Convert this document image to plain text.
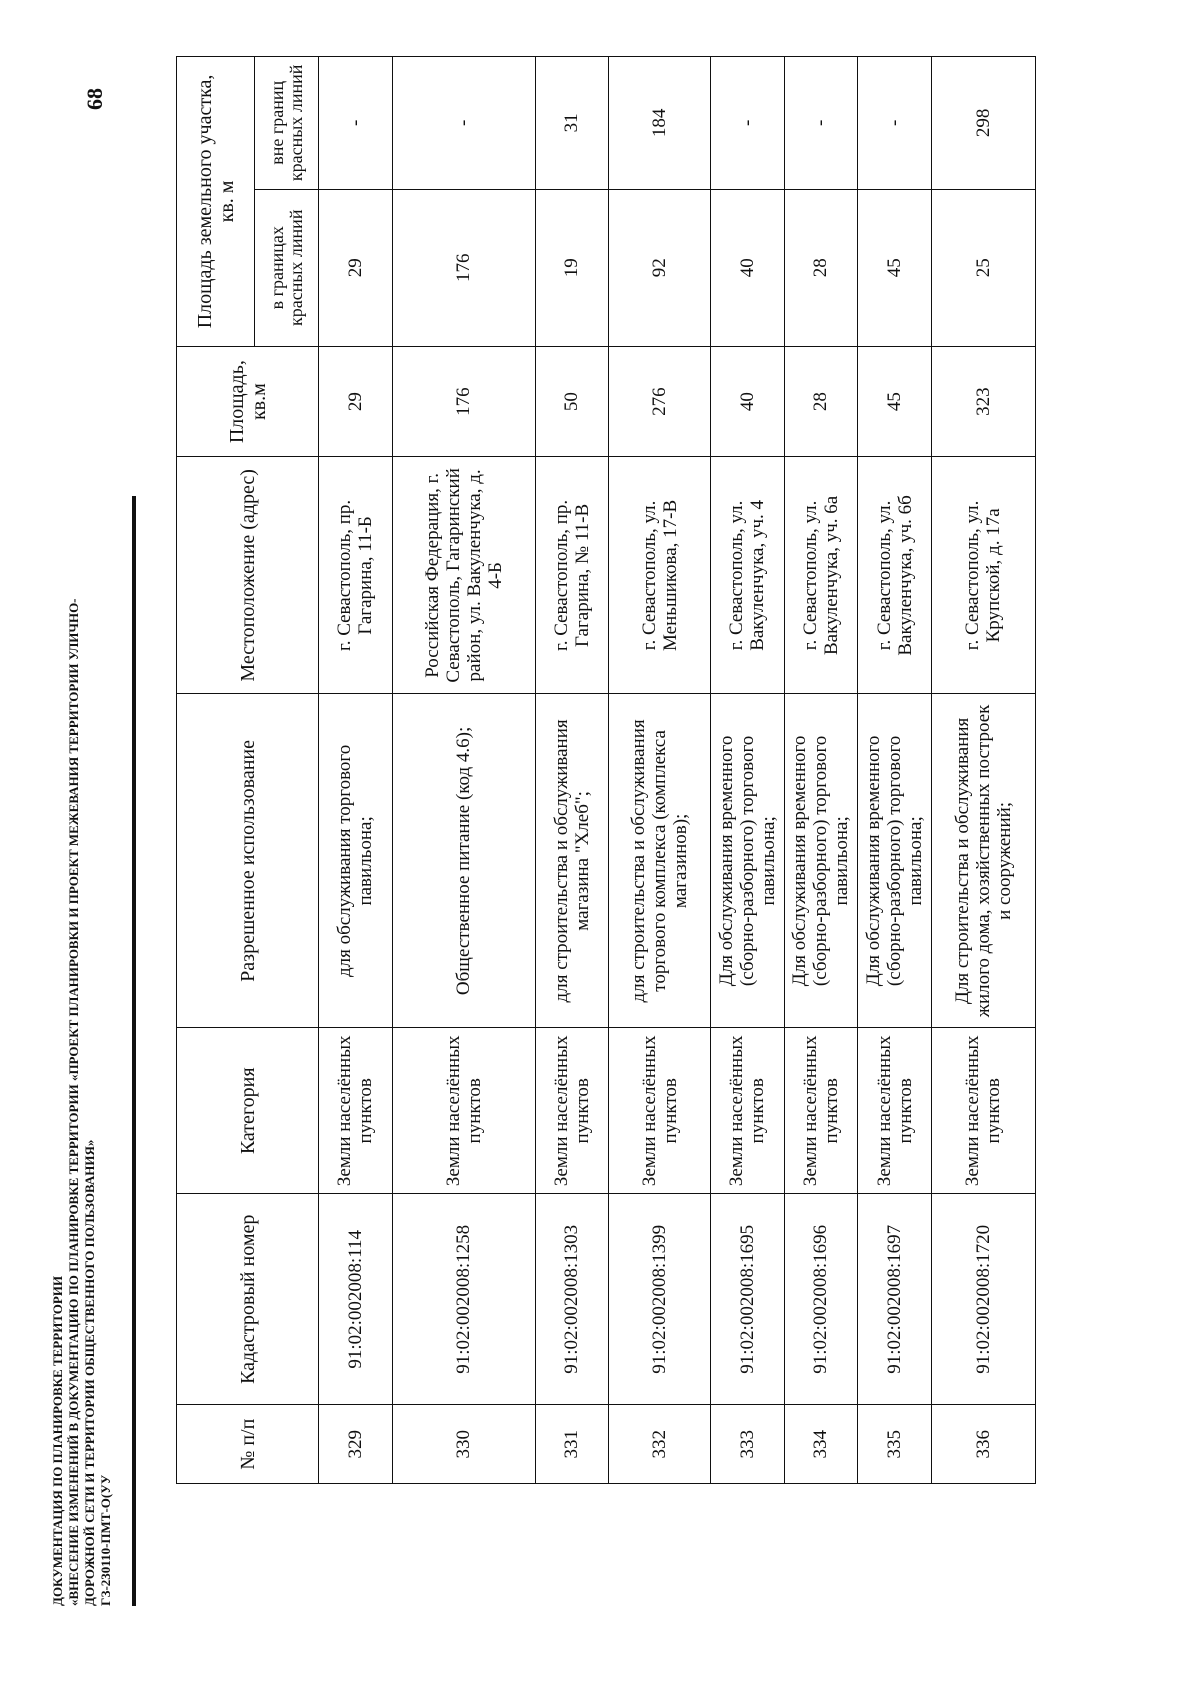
68
ДОКУМЕНТАЦИЯ ПО ПЛАНИРОВКЕ ТЕРРИТОРИИ «ВНЕСЕНИЕ ИЗМЕНЕНИЙ В ДОКУМЕНТАЦИЮ ПО ПЛАНИРОВКЕ ТЕРРИТОРИИ «ПРОЕКТ ПЛАНИРОВКИ И ПРОЕКТ МЕЖЕВАНИЯ ТЕРРИТОРИИ УЛИЧНО- ДОРОЖНОЙ СЕТИ И ТЕРРИТОРИИ ОБЩЕСТВЕННОГО ПОЛЬЗОВАНИЯ» ГЗ-230110-ПМТ-О(УУ
№ п/п	Кадастровый номер	Категория	Разрешенное использование	Местоположение (адрес)	Площадь, кв.м	Площадь земельного участка, кв. м	
						в границах красных линий	вне границ красных линий
329	91:02:002008:114	Земли населённых пунктов	для обслуживания торгового павильона;	г. Севастополь, пр. Гагарина, 11-Б	29	29	-
330	91:02:002008:1258	Земли населённых пунктов	Общественное питание (код 4.6);	Российская Федерация, г. Севастополь, Гагаринский район, ул. Вакуленчука, д. 4-Б	176	176	-
331	91:02:002008:1303	Земли населённых пунктов	для строительства и обслуживания магазина "Хлеб";	г. Севастополь, пр. Гагарина, № 11-В	50	19	31
332	91:02:002008:1399	Земли населённых пунктов	для строительства и обслуживания торгового комплекса (комплекса магазинов);	г. Севастополь, ул. Меньшикова, 17-В	276	92	184
333	91:02:002008:1695	Земли населённых пунктов	Для обслуживания временного (сборно-разборного) торгового павильона;	г. Севастополь, ул. Вакуленчука, уч. 4	40	40	-
334	91:02:002008:1696	Земли населённых пунктов	Для обслуживания временного (сборно-разборного) торгового павильона;	г. Севастополь, ул. Вакуленчука, уч. 6а	28	28	-
335	91:02:002008:1697	Земли населённых пунктов	Для обслуживания временного (сборно-разборного) торгового павильона;	г. Севастополь, ул. Вакуленчука, уч. 6б	45	45	-
336	91:02:002008:1720	Земли населённых пунктов	Для строительства и обслуживания жилого дома, хозяйственных построек и сооружений;	г. Севастополь, ул. Крупской, д. 17а	323	25	298
